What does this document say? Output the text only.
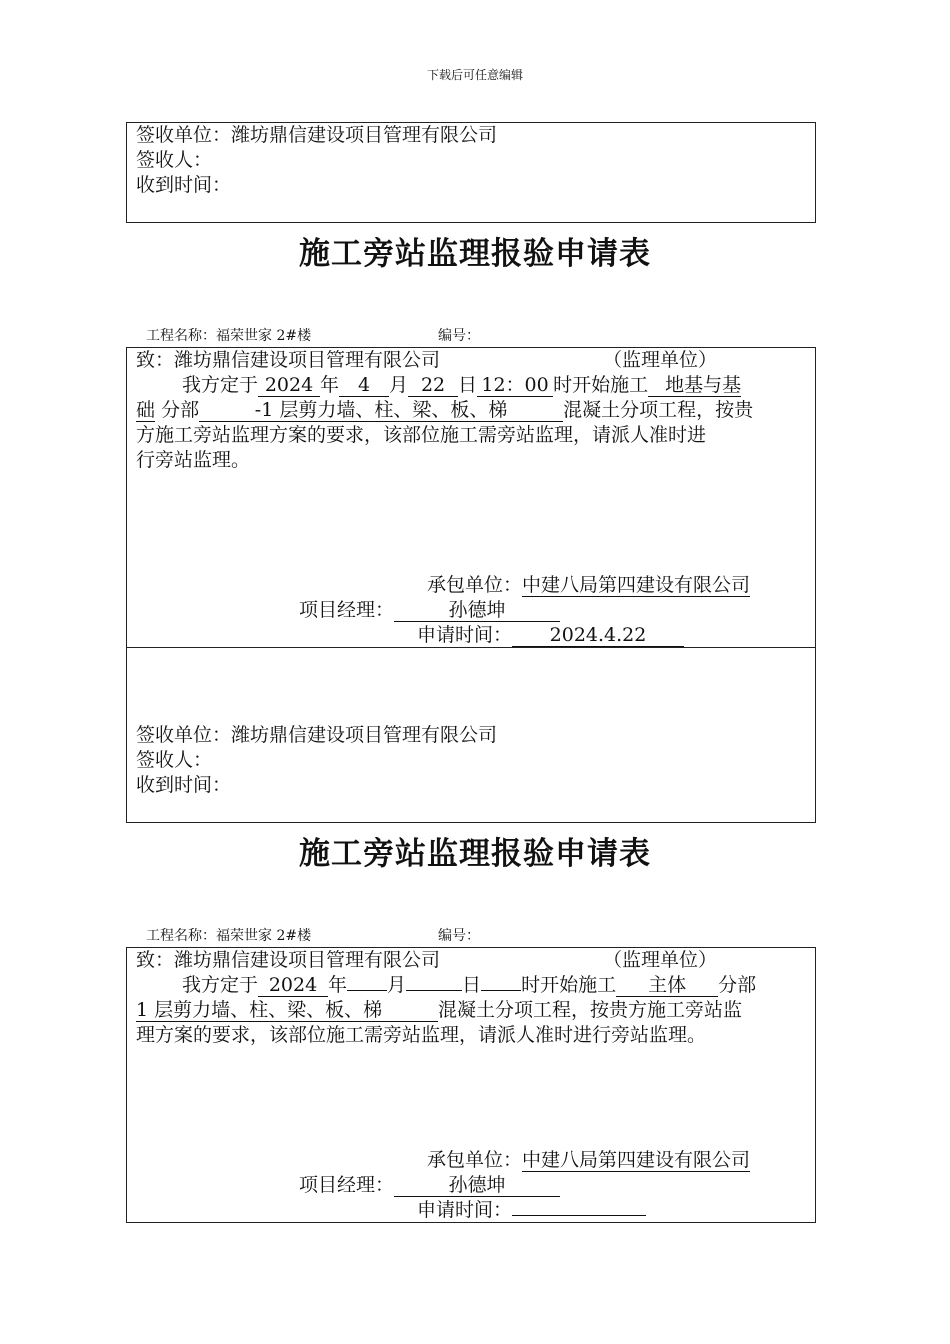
下载后可任意编辑
签收单位：潍坊鼎信建设项目管理有限公司
签收人：
收到时间：
施工旁站监理报验申请表
工程名称：福荣世家 2#楼	编号：
致：潍坊鼎信建设项目管理有限公司	（监理单位）
我方定于 2024 年 4 月 22 日 12：00 时开始施工 地基与基
础 分部	-1 层剪力墙、柱、梁、板、梯	混凝土分项工程，按贵
方施工旁站监理方案的要求，该部位施工需旁站监理，请派人准时进
行旁站监理。
承包单位：中建八局第四建设有限公司
项目经理：	孙德坤
申请时间： 2024.4.22
签收单位：潍坊鼎信建设项目管理有限公司
签收人：
收到时间：
施工旁站监理报验申请表
工程名称：福荣世家 2#楼	编号：
致：潍坊鼎信建设项目管理有限公司	（监理单位）
我方定于 2024 年 月	日 时开始施工 主体 分部
1 层剪力墙、柱、梁、板、梯	混凝土分项工程，按贵方施工旁站监
理方案的要求，该部位施工需旁站监理，请派人准时进行旁站监理。
承包单位：中建八局第四建设有限公司
项目经理：	孙德坤
申请时间：
